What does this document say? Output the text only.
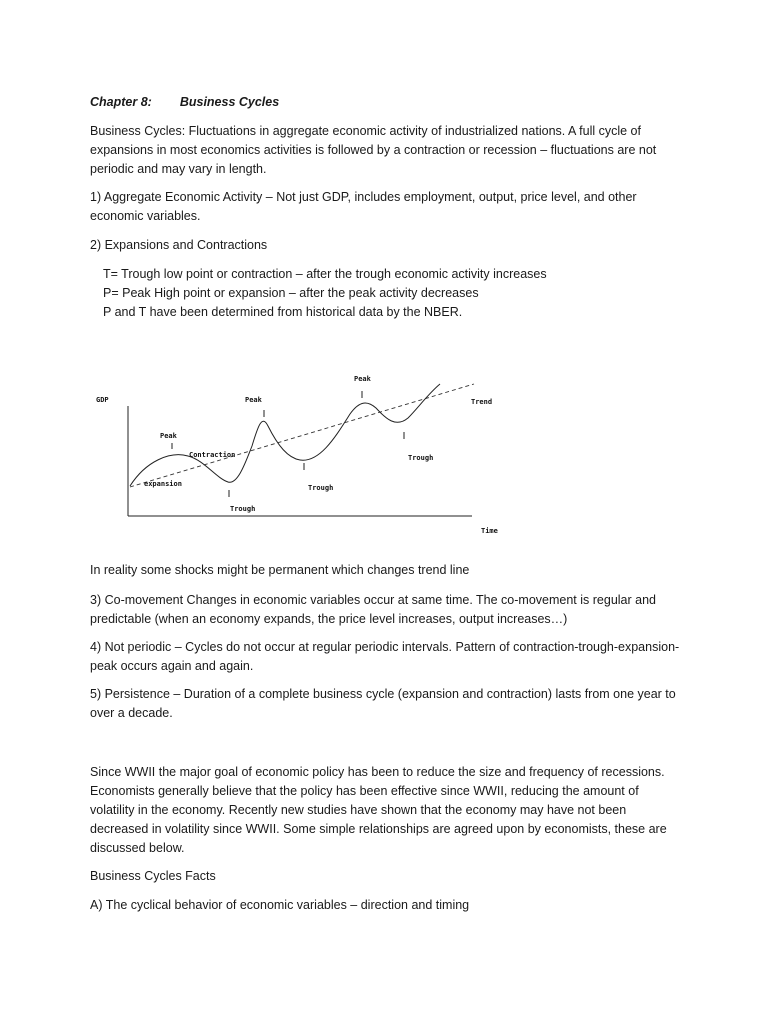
Chapter 8: Business Cycles

Business Cycles: Fluctuations in aggregate economic activity of industrialized nations. A full cycle of expansions in most economics activities is followed by a contraction or recession – fluctuations are not periodic and may vary in length.

1) Aggregate Economic Activity – Not just GDP, includes employment, output, price level, and other economic variables.

2) Expansions and Contractions

T= Trough low point or contraction – after the trough economic activity increases

P= Peak High point or expansion – after the peak activity decreases

P and T have been determined from historical data by the NBER.

GDP
Time
Trend
Peak
Peak
Peak
Contraction
expansion
Trough
Trough
Trough

In reality some shocks might be permanent which changes trend line

3) Co-movement Changes in economic variables occur at same time. The co-movement is regular and predictable (when an economy expands, the price level increases, output increases…)

4) Not periodic – Cycles do not occur at regular periodic intervals. Pattern of contraction-trough-expansion-peak occurs again and again.

5) Persistence – Duration of a complete business cycle (expansion and contraction) lasts from one year to over a decade.

Since WWII the major goal of economic policy has been to reduce the size and frequency of recessions. Economists generally believe that the policy has been effective since WWII, reducing the amount of volatility in the economy. Recently new studies have shown that the economy may have not been decreased in volatility since WWII. Some simple relationships are agreed upon by economists, these are discussed below.

Business Cycles Facts

A) The cyclical behavior of economic variables – direction and timing
